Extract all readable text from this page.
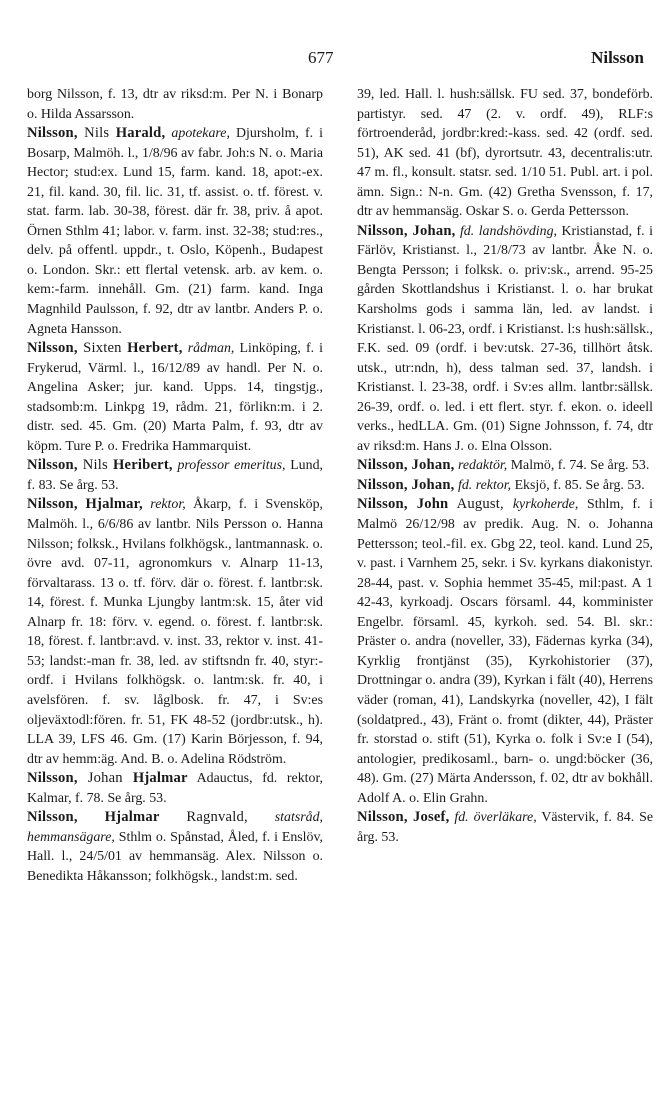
677	Nilsson

borg Nilsson, f. 13, dtr av riksd:m. Per N. i Bonarp o. Hilda Assarsson.

Nilsson, Nils Harald, apotekare, Djursholm, f. i Bosarp, Malmöh. l., 1/8/96 av fabr. Joh:s N. o. Maria Hector; stud:ex. Lund 15, farm. kand. 18, apot:-ex. 21, fil. kand. 30, fil. lic. 31, tf. assist. o. tf. förest. v. stat. farm. lab. 30-38, förest. där fr. 38, priv. å apot. Örnen Sthlm 41; labor. v. farm. inst. 32-38; stud:res., delv. på offentl. uppdr., t. Oslo, Köpenh., Budapest o. London. Skr.: ett flertal vetensk. arb. av kem. o. kem:-farm. innehåll. Gm. (21) farm. kand. Inga Magnhild Paulsson, f. 92, dtr av lantbr. Anders P. o. Agneta Hansson.

Nilsson, Sixten Herbert, rådman, Linköping, f. i Frykerud, Värml. l., 16/12/89 av handl. Per N. o. Angelina Asker; jur. kand. Upps. 14, tingstjg., stadsomb:m. Linkpg 19, rådm. 21, förlikn:m. i 2. distr. sed. 45. Gm. (20) Marta Palm, f. 93, dtr av köpm. Ture P. o. Fredrika Hammarquist.

Nilsson, Nils Heribert, professor emeritus, Lund, f. 83. Se årg. 53.

Nilsson, Hjalmar, rektor, Åkarp, f. i Svensköp, Malmöh. l., 6/6/86 av lantbr. Nils Persson o. Hanna Nilsson; folksk., Hvilans folkhögsk., lantmannask. o. övre avd. 07-11, agronomkurs v. Alnarp 11-13, förvaltarass. 13 o. tf. förv. där o. förest. f. lantbr:sk. 14, förest. f. Munka Ljungby lantm:sk. 15, åter vid Alnarp fr. 18: förv. v. egend. o. förest. f. lantbr:sk. 18, förest. f. lantbr:avd. v. inst. 33, rektor v. inst. 41-53; landst:-man fr. 38, led. av stiftsndn fr. 40, styr:-ordf. i Hvilans folkhögsk. o. lantm:sk. fr. 40, i avelsfören. f. sv. låglbosk. fr. 47, i Sv:es oljeväxtodl:fören. fr. 51, FK 48-52 (jordbr:utsk., h). LLA 39, LFS 46. Gm. (17) Karin Börjesson, f. 94, dtr av hemm:äg. And. B. o. Adelina Rödström.

Nilsson, Johan Hjalmar Adauctus, fd. rektor, Kalmar, f. 78. Se årg. 53.

Nilsson, Hjalmar Ragnvald, statsråd, hemmansägare, Sthlm o. Spånstad, Åled, f. i Enslöv, Hall. l., 24/5/01 av hemmansäg. Alex. Nilsson o. Benedikta Håkansson; folkhögsk., landst:m. sed.

39, led. Hall. l. hush:sällsk. FU sed. 37, bondeförb. partistyr. sed. 47 (2. v. ordf. 49), RLF:s förtroenderåd, jordbr:kred:-kass. sed. 42 (ordf. sed. 51), AK sed. 41 (bf), dyrortsutr. 43, decentralis:utr. 47 m. fl., konsult. statsr. sed. 1/10 51. Publ. art. i pol. ämn. Sign.: N-n. Gm. (42) Gretha Svensson, f. 17, dtr av hemmansäg. Oskar S. o. Gerda Pettersson.

Nilsson, Johan, fd. landshövding, Kristianstad, f. i Färlöv, Kristianst. l., 21/8/73 av lantbr. Åke N. o. Bengta Persson; i folksk. o. priv:sk., arrend. 95-25 gården Skottlandshus i Kristianst. l. o. har brukat Karsholms gods i samma län, led. av landst. i Kristianst. l. 06-23, ordf. i Kristianst. l:s hush:sällsk., F.K. sed. 09 (ordf. i bev:utsk. 27-36, tillhört åtsk. utsk., utr:ndn, h), dess talman sed. 37, landsh. i Kristianst. l. 23-38, ordf. i Sv:es allm. lantbr:sällsk. 26-39, ordf. o. led. i ett flert. styr. f. ekon. o. ideell verks., hedLLA. Gm. (01) Signe Johnsson, f. 74, dtr av riksd:m. Hans J. o. Elna Olsson.

Nilsson, Johan, redaktör, Malmö, f. 74. Se årg. 53.

Nilsson, Johan, fd. rektor, Eksjö, f. 85. Se årg. 53.

Nilsson, John August, kyrkoherde, Sthlm, f. i Malmö 26/12/98 av predik. Aug. N. o. Johanna Pettersson; teol.-fil. ex. Gbg 22, teol. kand. Lund 25, v. past. i Varnhem 25, sekr. i Sv. kyrkans diakonistyr. 28-44, past. v. Sophia hemmet 35-45, mil:past. A 1 42-43, kyrkoadj. Oscars församl. 44, komminister Engelbr. församl. 45, kyrkoh. sed. 54. Bl. skr.: Präster o. andra (noveller, 33), Fädernas kyrka (34), Kyrklig frontjänst (35), Kyrkohistorier (37), Drottningar o. andra (39), Kyrkan i fält (40), Herrens väder (roman, 41), Landskyrka (noveller, 42), I fält (soldatpred., 43), Fränt o. fromt (dikter, 44), Präster fr. storstad o. stift (51), Kyrka o. folk i Sv:e I (54), antologier, predikosaml., barn- o. ungd:böcker (36, 48). Gm. (27) Märta Andersson, f. 02, dtr av bokhåll. Adolf A. o. Elin Grahn.

Nilsson, Josef, fd. överläkare, Västervik, f. 84. Se årg. 53.
